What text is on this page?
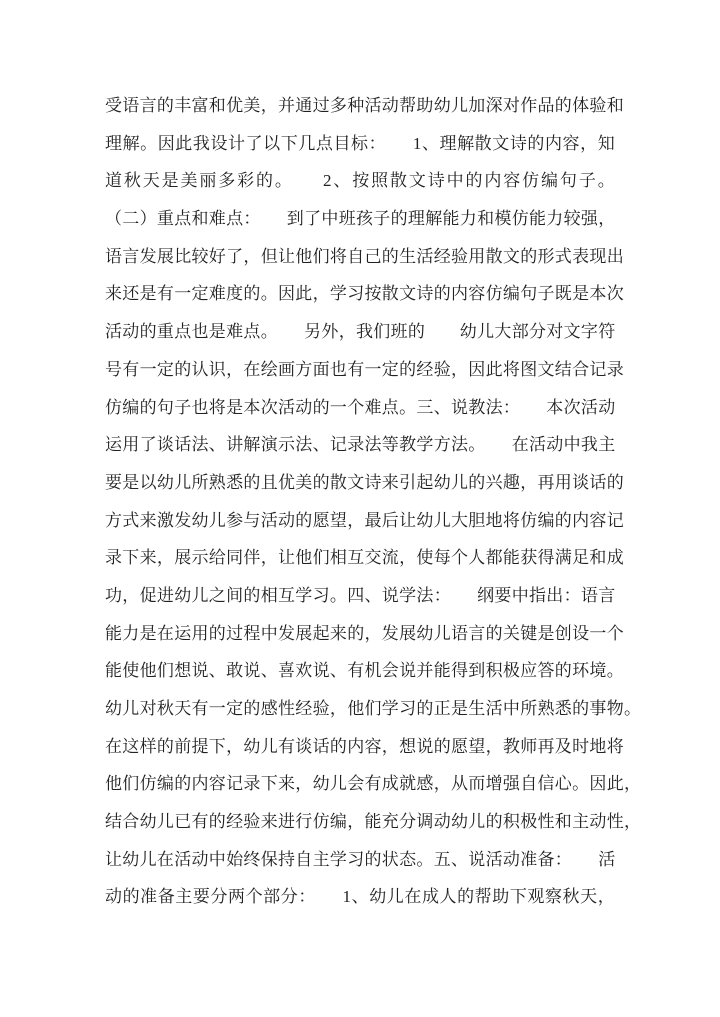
受语言的丰富和优美，并通过多种活动帮助幼儿加深对作品的体验和
理解。因此我设计了以下几点目标：　　1、理解散文诗的内容，知
道秋天是美丽多彩的。　　2、按照散文诗中的内容仿编句子。
（二）重点和难点：　　到了中班孩子的理解能力和模仿能力较强，
语言发展比较好了，但让他们将自己的生活经验用散文的形式表现出
来还是有一定难度的。因此，学习按散文诗的内容仿编句子既是本次
活动的重点也是难点。　　另外，我们班的　　幼儿大部分对文字符
号有一定的认识，在绘画方面也有一定的经验，因此将图文结合记录
仿编的句子也将是本次活动的一个难点。三、说教法：　　本次活动
运用了谈话法、讲解演示法、记录法等教学方法。　　在活动中我主
要是以幼儿所熟悉的且优美的散文诗来引起幼儿的兴趣，再用谈话的
方式来激发幼儿参与活动的愿望，最后让幼儿大胆地将仿编的内容记
录下来，展示给同伴，让他们相互交流，使每个人都能获得满足和成
功，促进幼儿之间的相互学习。四、说学法：　　纲要中指出：语言
能力是在运用的过程中发展起来的，发展幼儿语言的关键是创设一个
能使他们想说、敢说、喜欢说、有机会说并能得到积极应答的环境。
幼儿对秋天有一定的感性经验，他们学习的正是生活中所熟悉的事物。
在这样的前提下，幼儿有谈话的内容，想说的愿望，教师再及时地将
他们仿编的内容记录下来，幼儿会有成就感，从而增强自信心。因此，
结合幼儿已有的经验来进行仿编，能充分调动幼儿的积极性和主动性，
让幼儿在活动中始终保持自主学习的状态。五、说活动准备：　　活
动的准备主要分两个部分：　　1、幼儿在成人的帮助下观察秋天，
